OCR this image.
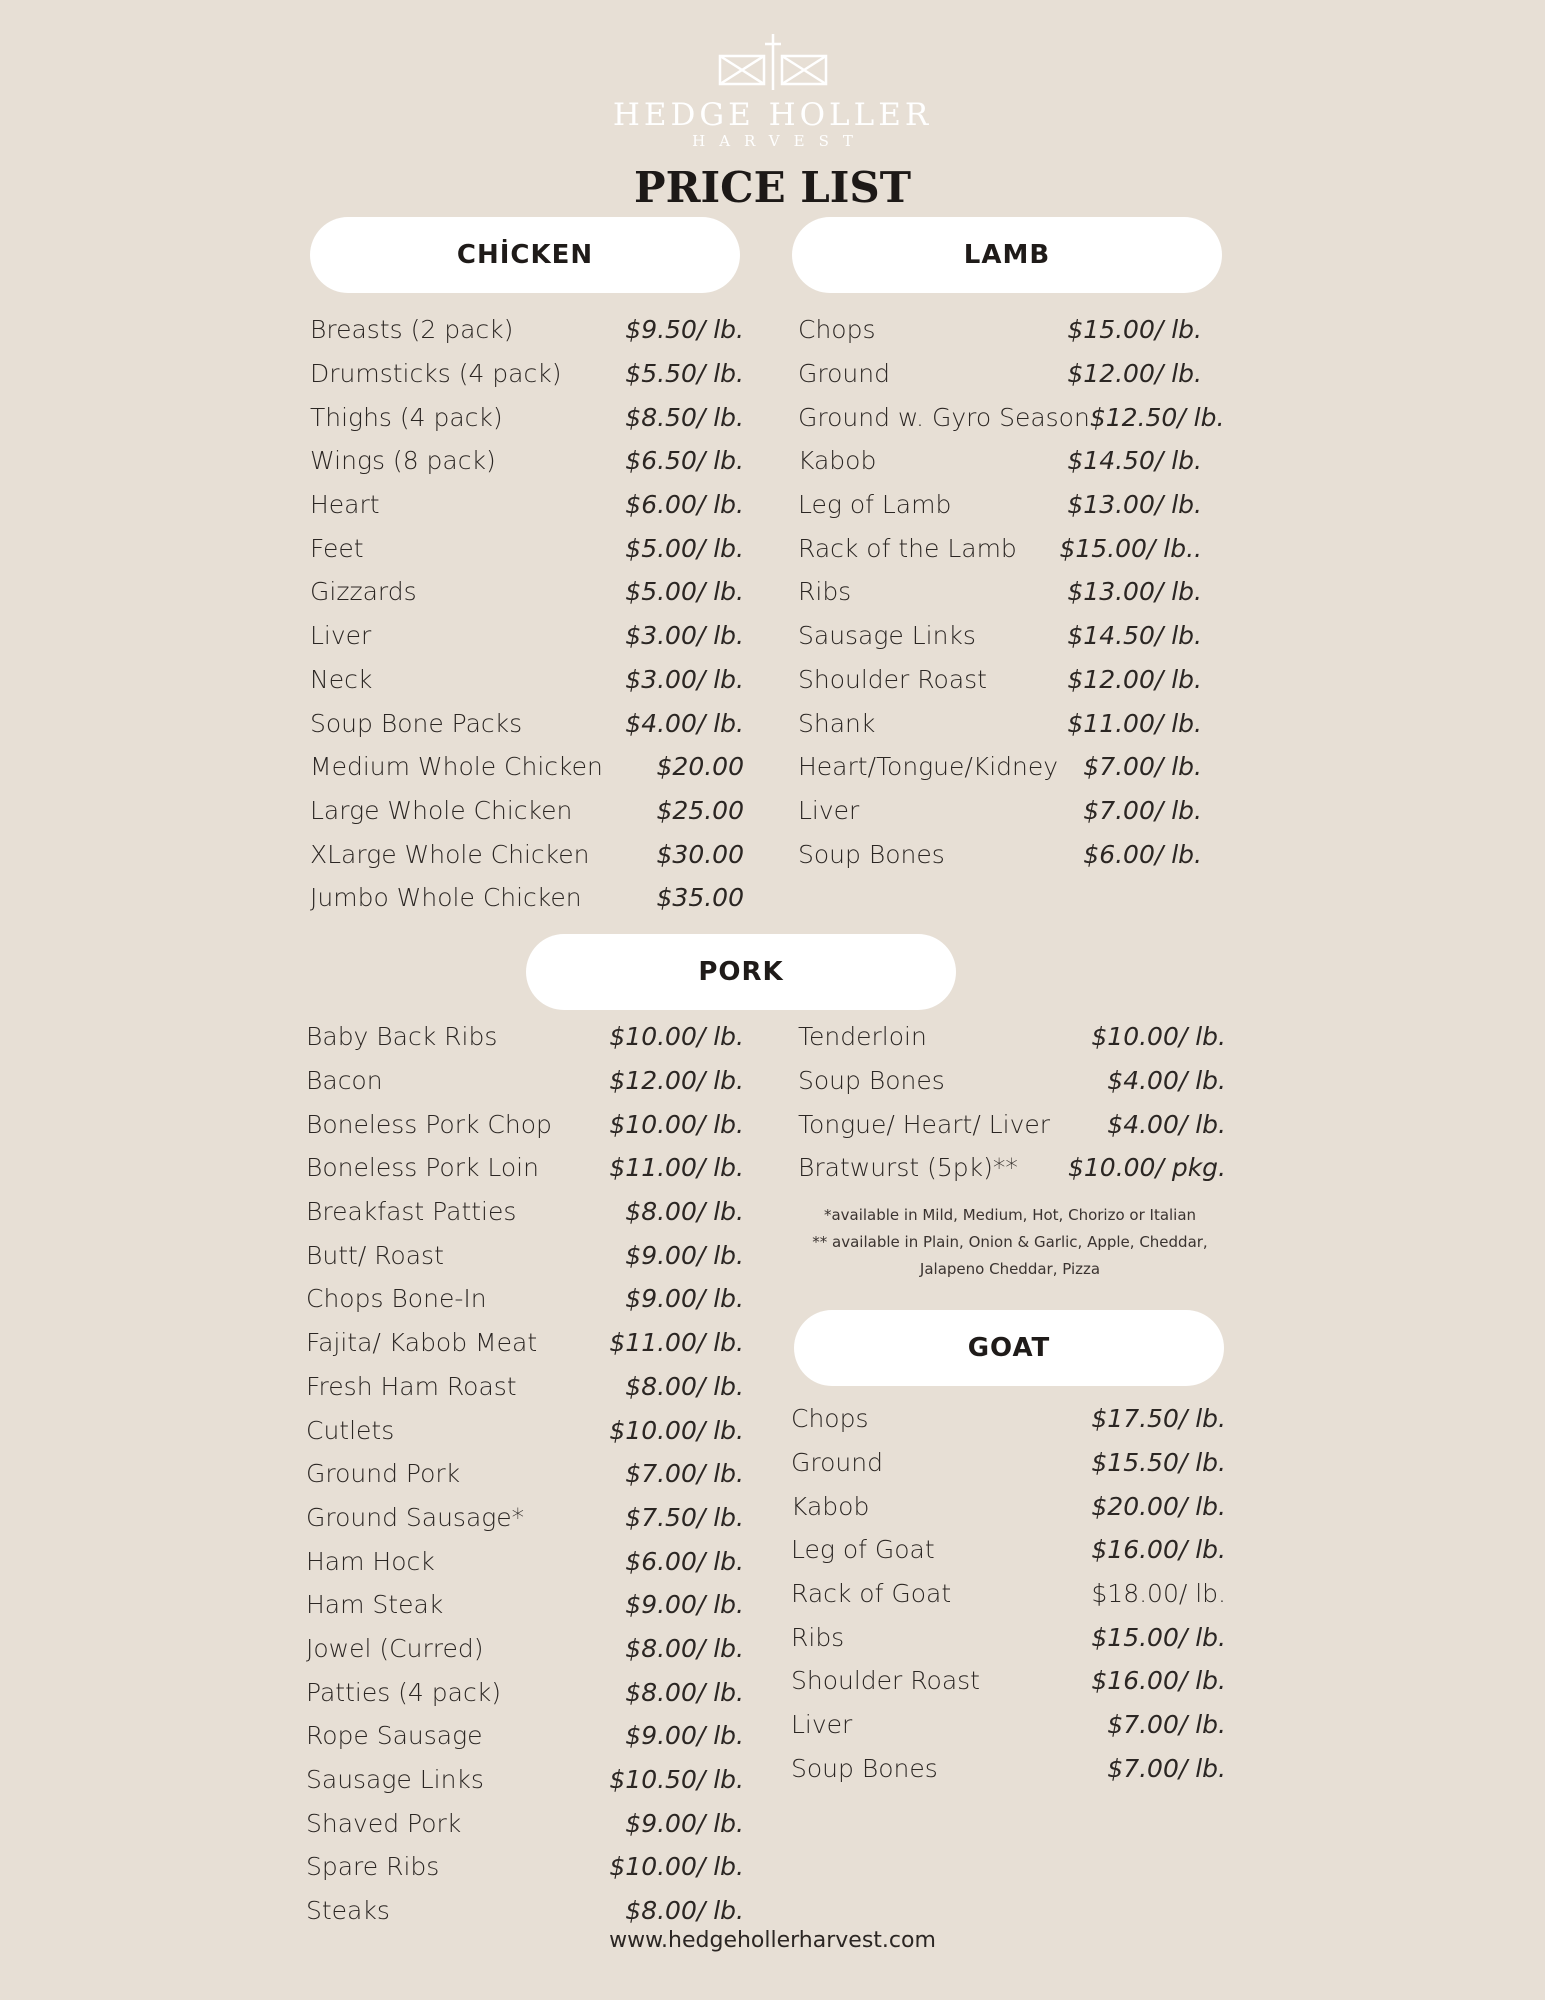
HEDGE HOLLER
HARVEST
PRICE LIST
CHİCKEN	LAMB
PORK
GOAT
Breasts (2 pack)	$9.50/ lb.
Drumsticks (4 pack)	$5.50/ lb.
Thighs (4 pack)	$8.50/ lb.
Wings (8 pack)	$6.50/ lb.
Heart	$6.00/ lb.
Feet	$5.00/ lb.
Gizzards	$5.00/ lb.
Liver	$3.00/ lb.
Neck	$3.00/ lb.
Soup Bone Packs	$4.00/ lb.
Medium Whole Chicken $20.00
Large Whole Chicken	$25.00
XLarge Whole Chicken	$30.00
Jumbo Whole Chicken	$35.00
Chops	$15.00/ lb.
Ground	$12.00/ lb.
Ground w. Gyro Season $12.50/ lb.
Kabob	$14.50/ lb.
Leg of Lamb	$13.00/ lb.
Rack of the Lamb $15.00/ lb..
Ribs	$13.00/ lb.
Sausage Links	$14.50/ lb.
Shoulder Roast	$12.00/ lb.
Shank	$11.00/ lb.
Heart/Tongue/Kidney $7.00/ lb.
Liver	$7.00/ lb.
Soup Bones	$6.00/ lb.
Baby Back Ribs	$10.00/ lb.
Bacon	$12.00/ lb.
Boneless Pork Chop $10.00/ lb.
Boneless Pork Loin	$11.00/ lb.
Breakfast Patties	$8.00/ lb.
Butt/ Roast	$9.00/ lb.
Chops Bone-In	$9.00/ lb.
Fajita/ Kabob Meat	$11.00/ lb.
Fresh Ham Roast	$8.00/ lb.
Cutlets	$10.00/ lb.
Ground Pork	$7.00/ lb.
Ground Sausage*	$7.50/ lb.
Ham Hock	$6.00/ lb.
Ham Steak	$9.00/ lb.
Jowel (Curred)	$8.00/ lb.
Patties (4 pack)	$8.00/ lb.
Rope Sausage	$9.00/ lb.
Sausage Links	$10.50/ lb.
Shaved Pork	$9.00/ lb.
Spare Ribs	$10.00/ lb.
Steaks	$8.00/ lb.
Tenderloin	$10.00/ lb.
Soup Bones	$4.00/ lb.
Tongue/ Heart/ Liver $4.00/ lb.
Bratwurst (5pk)** $10.00/ pkg.
Chops	$17.50/ lb.
Ground	$15.50/ lb.
Kabob	$20.00/ lb.
Leg of Goat	$16.00/ lb.
Rack of Goat	$18.00/ lb.
Ribs	$15.00/ lb.
Shoulder Roast	$16.00/ lb.
Liver	$7.00/ lb.
Soup Bones	$7.00/ lb.
*available in Mild, Medium, Hot, Chorizo or Italian
** available in Plain, Onion & Garlic, Apple, Cheddar,
Jalapeno Cheddar, Pizza
www.hedgehollerharvest.com
